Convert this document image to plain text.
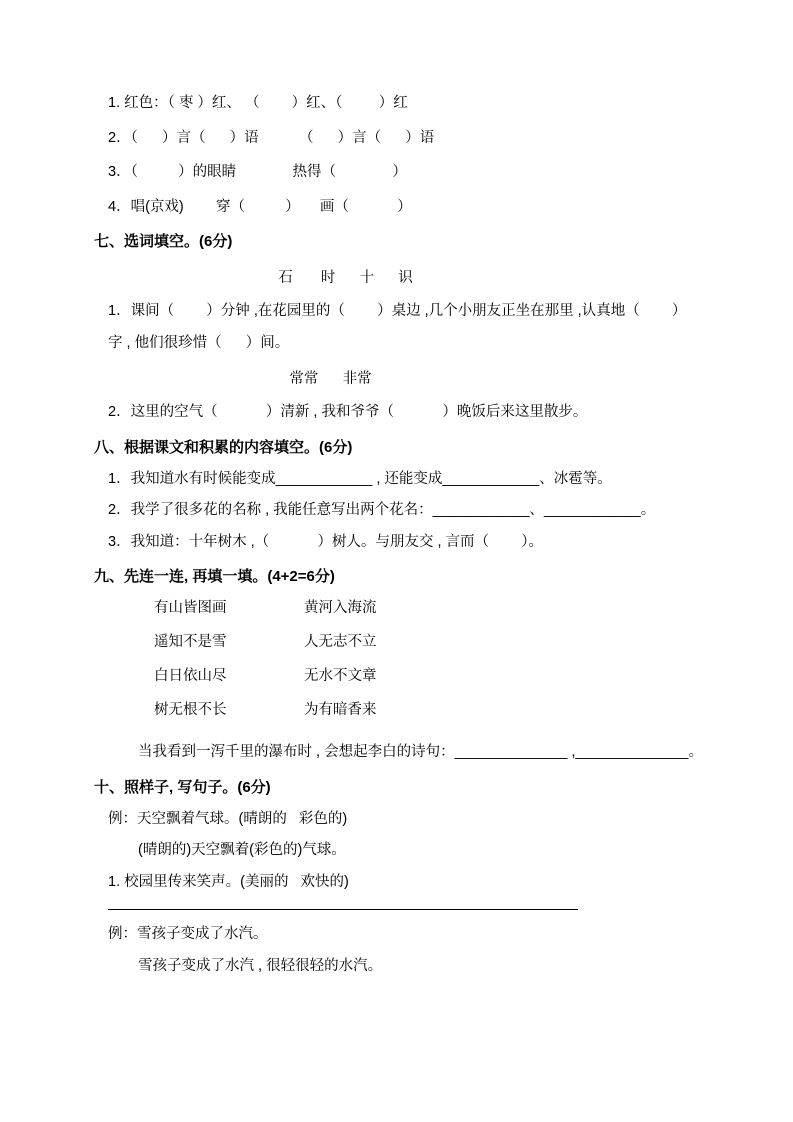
1. 红色：（ 枣 ）红、 （        ）红、（         ）红
2．（      ）言（      ）语          （      ）言（      ）语
3．（          ）的眼睛              热得（              ）
4．唱(京戏)        穿（          ）     画（            ）
七、选词填空。(6分)
石       时      十      识
1．课间（        ）分钟 ,在花园里的（        ）桌边 ,几个小朋友正坐在那里 ,认真地（        ）
字 , 他们很珍惜（      ）间。
常常      非常
2．这里的空气（            ）清新 , 我和爷爷（            ）晚饭后来这里散步。
八、根据课文和积累的内容填空。(6分)
1．我知道水有时候能变成____________ , 还能变成____________、冰雹等。
2．我学了很多花的名称 , 我能任意写出两个花名：____________、____________。
3．我知道：十年树木 ,（            ）树人。与朋友交 , 言而（        ）。
九、先连一连, 再填一填。(4+2=6分)
有山皆图画	黄河入海流
遥知不是雪	人无志不立
白日依山尽	无水不文章
树无根不长	为有暗香来
当我看到一泻千里的瀑布时 , 会想起李白的诗句：______________ ,______________。
十、照样子, 写句子。(6分)
例：天空飘着气球。(晴朗的   彩色的)
(晴朗的)天空飘着(彩色的)气球。
1. 校园里传来笑声。(美丽的   欢快的)
例：雪孩子变成了水汽。
雪孩子变成了水汽 , 很轻很轻的水汽。
